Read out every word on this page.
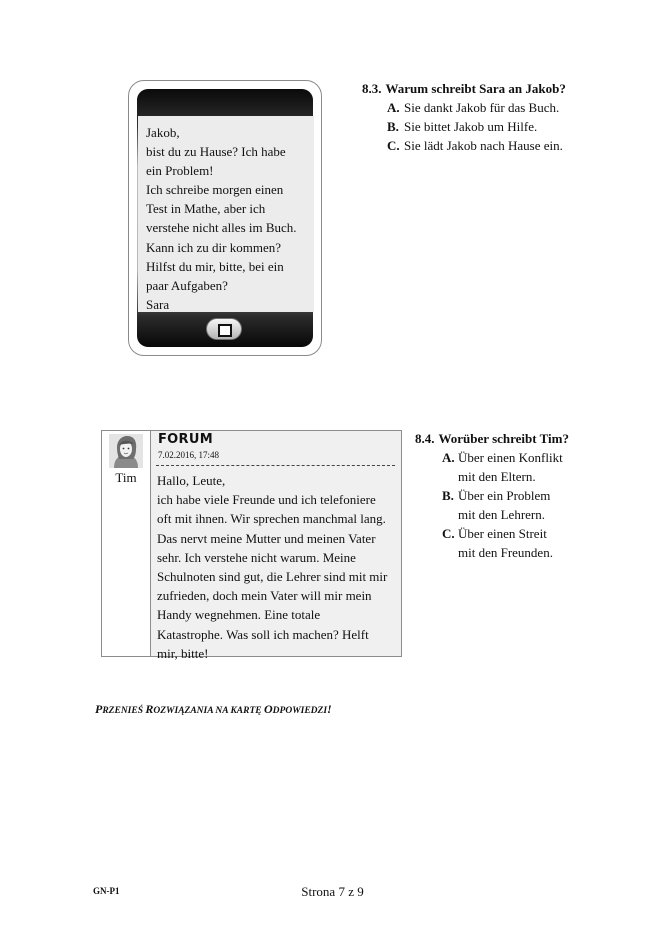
Jakob,
bist du zu Hause? Ich habe
ein Problem!
Ich schreibe morgen einen
Test in Mathe, aber ich
verstehe nicht alles im Buch.
Kann ich zu dir kommen?
Hilfst du mir, bitte, bei ein
paar Aufgaben?
Sara
8.3. Warum schreibt Sara an Jakob?
A. Sie dankt Jakob für das Buch.
B. Sie bittet Jakob um Hilfe.
C. Sie lädt Jakob nach Hause ein.
Tim
FORUM
7.02.2016, 17:48
Hallo, Leute,
ich habe viele Freunde und ich telefoniere
oft mit ihnen. Wir sprechen manchmal lang.
Das nervt meine Mutter und meinen Vater
sehr. Ich verstehe nicht warum. Meine
Schulnoten sind gut, die Lehrer sind mit mir
zufrieden, doch mein Vater will mir mein
Handy wegnehmen. Eine totale
Katastrophe. Was soll ich machen? Helft
mir, bitte!
8.4. Worüber schreibt Tim?
A. Über einen Konflikt
mit den Eltern.
B. Über ein Problem
mit den Lehrern.
C. Über einen Streit
mit den Freunden.
PRZENIEŚ ROZWIĄZANIA NA KARTĘ ODPOWIEDZI!
GN-P1	Strona 7 z 9
